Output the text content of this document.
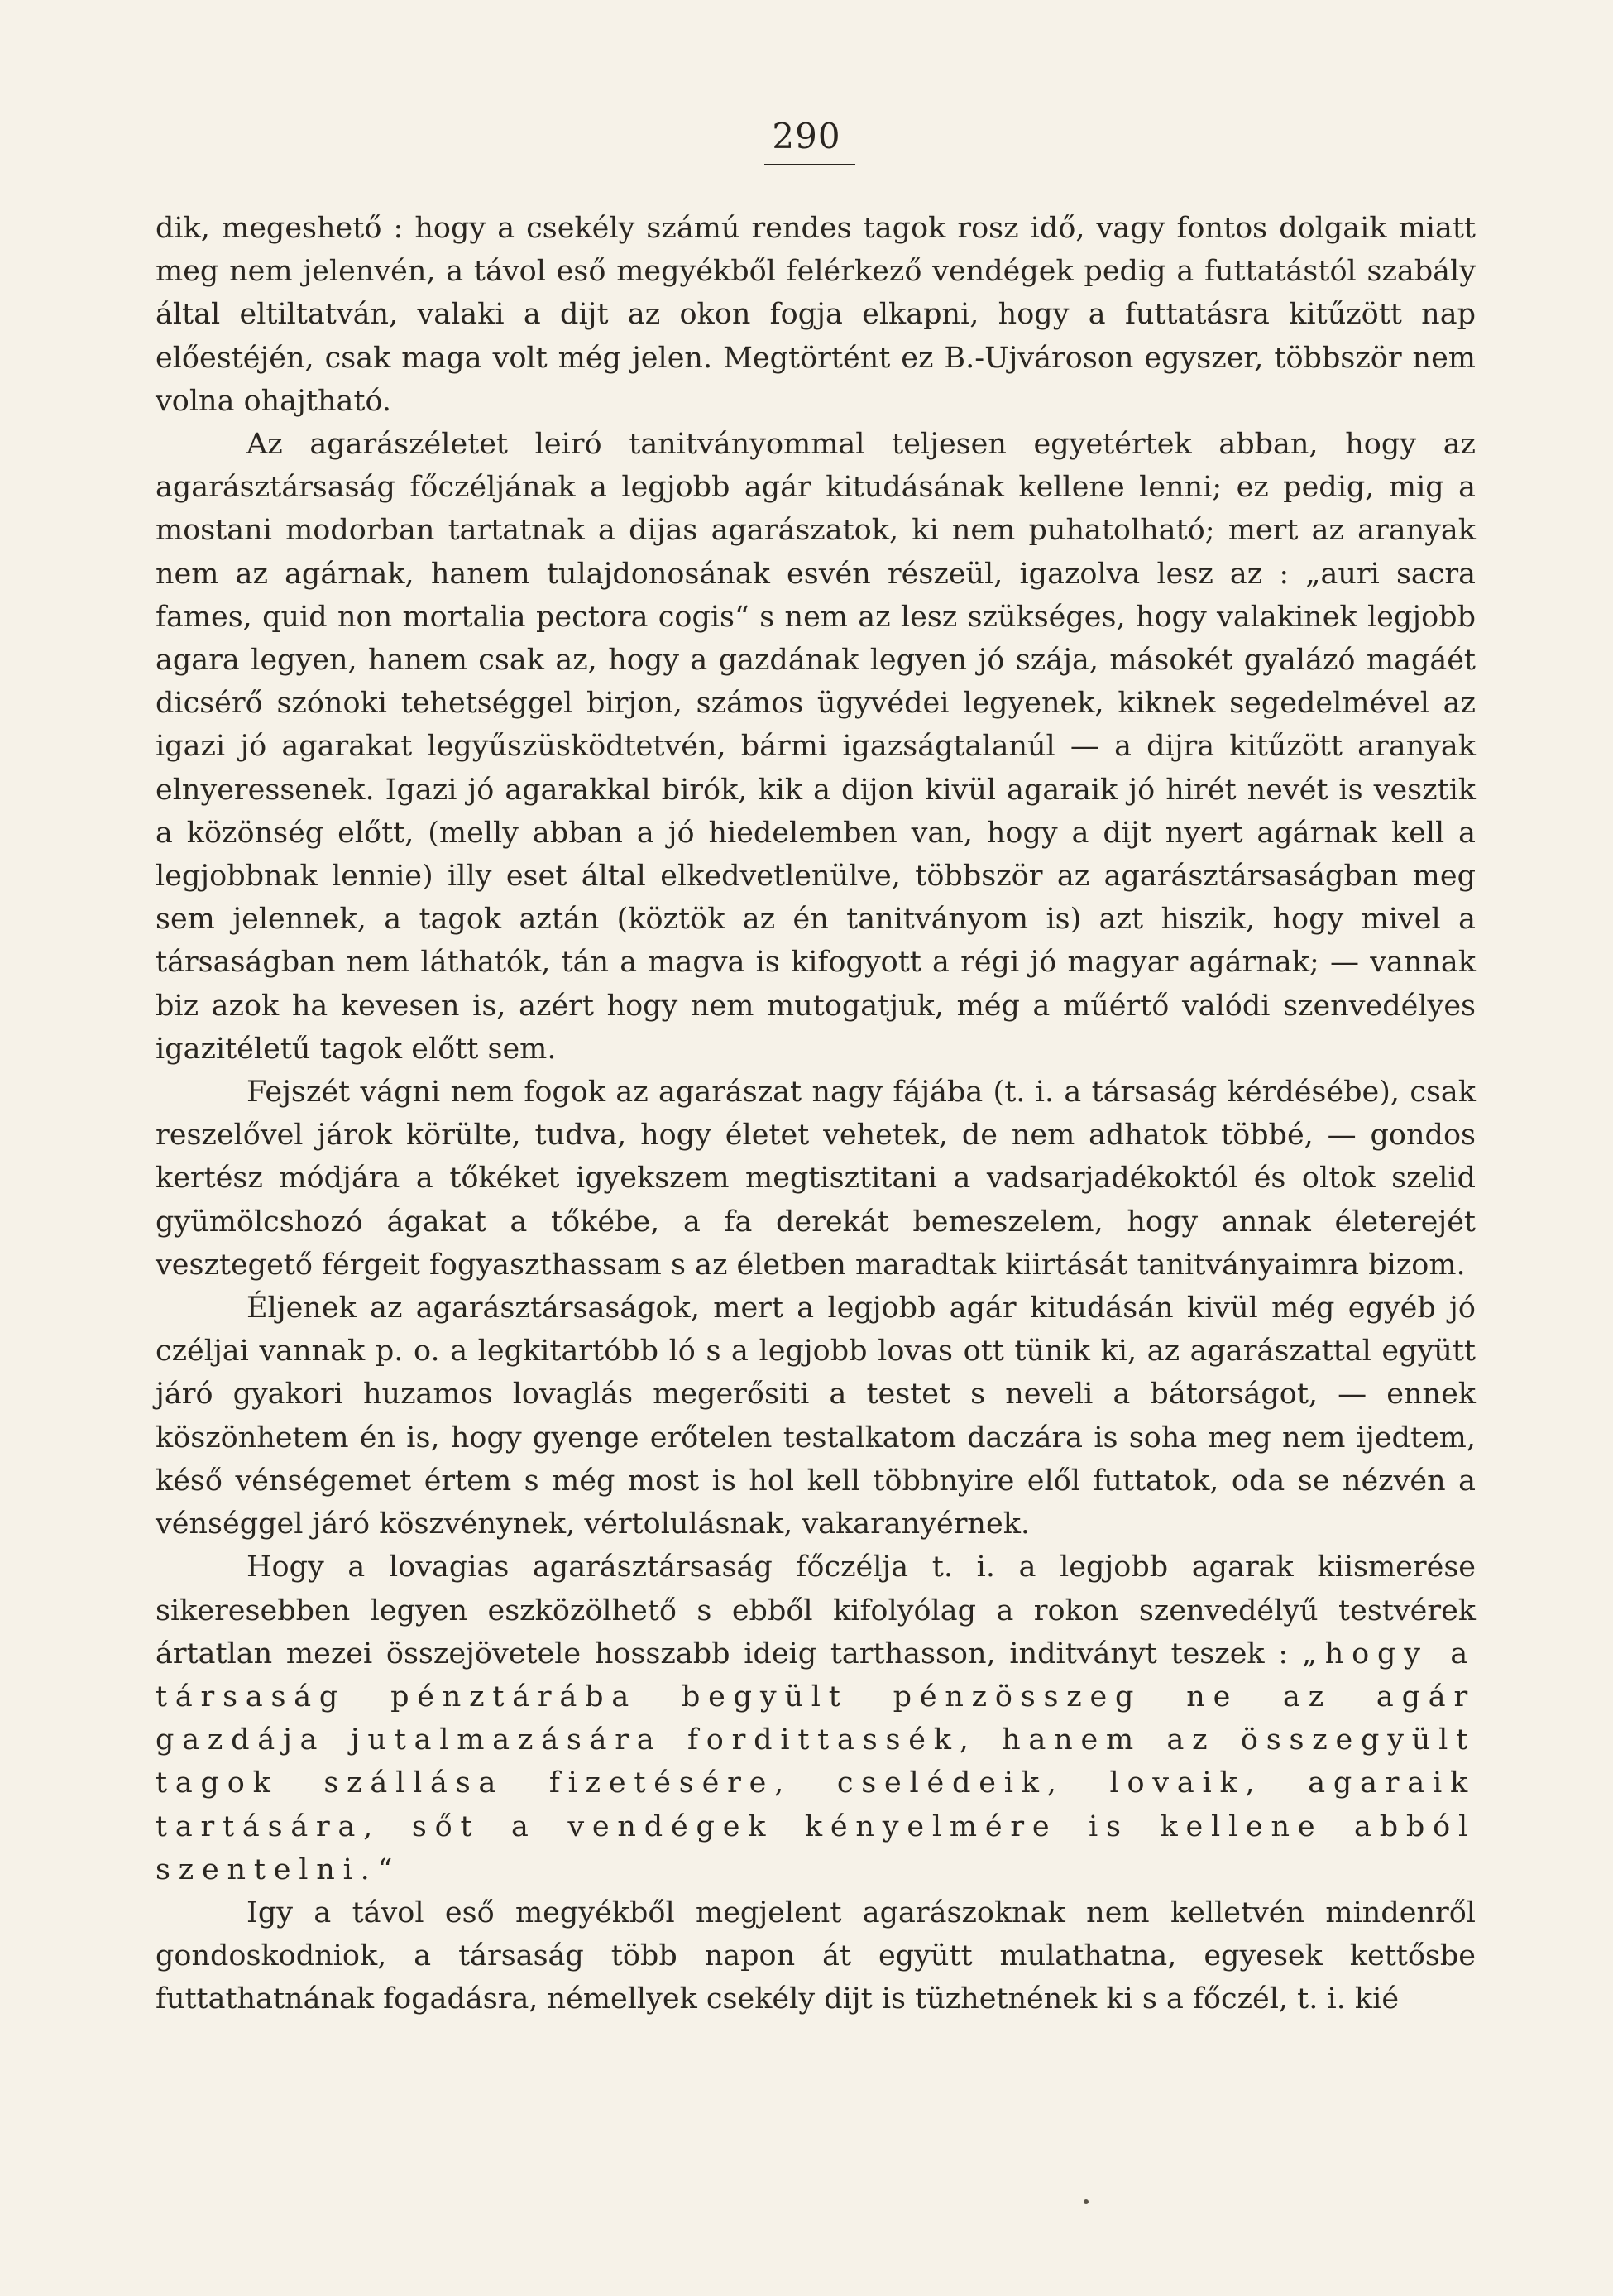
290

dik, megeshető : hogy a csekély számú rendes tagok rosz idő, vagy fontos dolgaik miatt meg nem jelenvén, a távol eső megyékből felérkező vendégek pedig a futtatástól szabály által eltiltatván, valaki a dijt az okon fogja elkapni, hogy a futtatásra kitűzött nap előestéjén, csak maga volt még jelen. Megtörtént ez B.-Ujvároson egyszer, többször nem volna ohajtható.

Az agarászéletet leiró tanitványommal teljesen egyetértek abban, hogy az agarásztársaság főczéljának a legjobb agár kitudásának kellene lenni; ez pedig, mig a mostani modorban tartatnak a dijas agarászatok, ki nem puhatolható; mert az aranyak nem az agárnak, hanem tulajdonosának esvén részeül, igazolva lesz az : „auri sacra fames, quid non mortalia pectora cogis“ s nem az lesz szükséges, hogy valakinek legjobb agara legyen, hanem csak az, hogy a gazdának legyen jó szája, másokét gyalázó magáét dicsérő szónoki tehetséggel birjon, számos ügyvédei legyenek, kiknek segedelmével az igazi jó agarakat legyűszüsködtetvén, bármi igazságtalanúl — a dijra kitűzött aranyak elnyeressenek. Igazi jó agarakkal birók, kik a dijon kivül agaraik jó hirét nevét is vesztik a közönség előtt, (melly abban a jó hiedelemben van, hogy a dijt nyert agárnak kell a legjobbnak lennie) illy eset által elkedvetlenülve, többször az agarásztársaságban meg sem jelennek, a tagok aztán (köztök az én tanitványom is) azt hiszik, hogy mivel a társaságban nem láthatók, tán a magva is kifogyott a régi jó magyar agárnak; — vannak biz azok ha kevesen is, azért hogy nem mutogatjuk, még a műértő valódi szenvedélyes igazitéletű tagok előtt sem.

Fejszét vágni nem fogok az agarászat nagy fájába (t. i. a társaság kérdésébe), csak reszelővel járok körülte, tudva, hogy életet vehetek, de nem adhatok többé, — gondos kertész módjára a tőkéket igyekszem megtisztitani a vadsarjadékoktól és oltok szelid gyümölcshozó ágakat a tőkébe, a fa derekát bemeszelem, hogy annak életerejét vesztegető férgeit fogyaszthassam s az életben maradtak kiirtását tanitványaimra bizom.

Éljenek az agarásztársaságok, mert a legjobb agár kitudásán kivül még egyéb jó czéljai vannak p. o. a legkitartóbb ló s a legjobb lovas ott tünik ki, az agarászattal együtt járó gyakori huzamos lovaglás megerősiti a testet s neveli a bátorságot, — ennek köszönhetem én is, hogy gyenge erőtelen testalkatom daczára is soha meg nem ijedtem, késő vénségemet értem s még most is hol kell többnyire elől futtatok, oda se nézvén a vénséggel járó köszvénynek, vértolulásnak, vakaranyérnek.

Hogy a lovagias agarásztársaság főczélja t. i. a legjobb agarak kiismerése sikeresebben legyen eszközölhető s ebből kifolyólag a rokon szenvedélyű testvérek ártatlan mezei összejövetele hosszabb ideig tarthasson, inditványt teszek : „hogy a társaság pénztárába begyült pénzösszeg ne az agár gazdája jutalmazására fordittassék, hanem az összegyült tagok szállása fizetésére, cselédeik, lovaik, agaraik tartására, sőt a vendégek kényelmére is kellene abból szentelni.“

Igy a távol eső megyékből megjelent agarászoknak nem kelletvén mindenről gondoskodniok, a társaság több napon át együtt mulathatna, egyesek kettősbe futtathatnának fogadásra, némellyek csekély dijt is tüzhetnének ki s a főczél, t. i. kié
